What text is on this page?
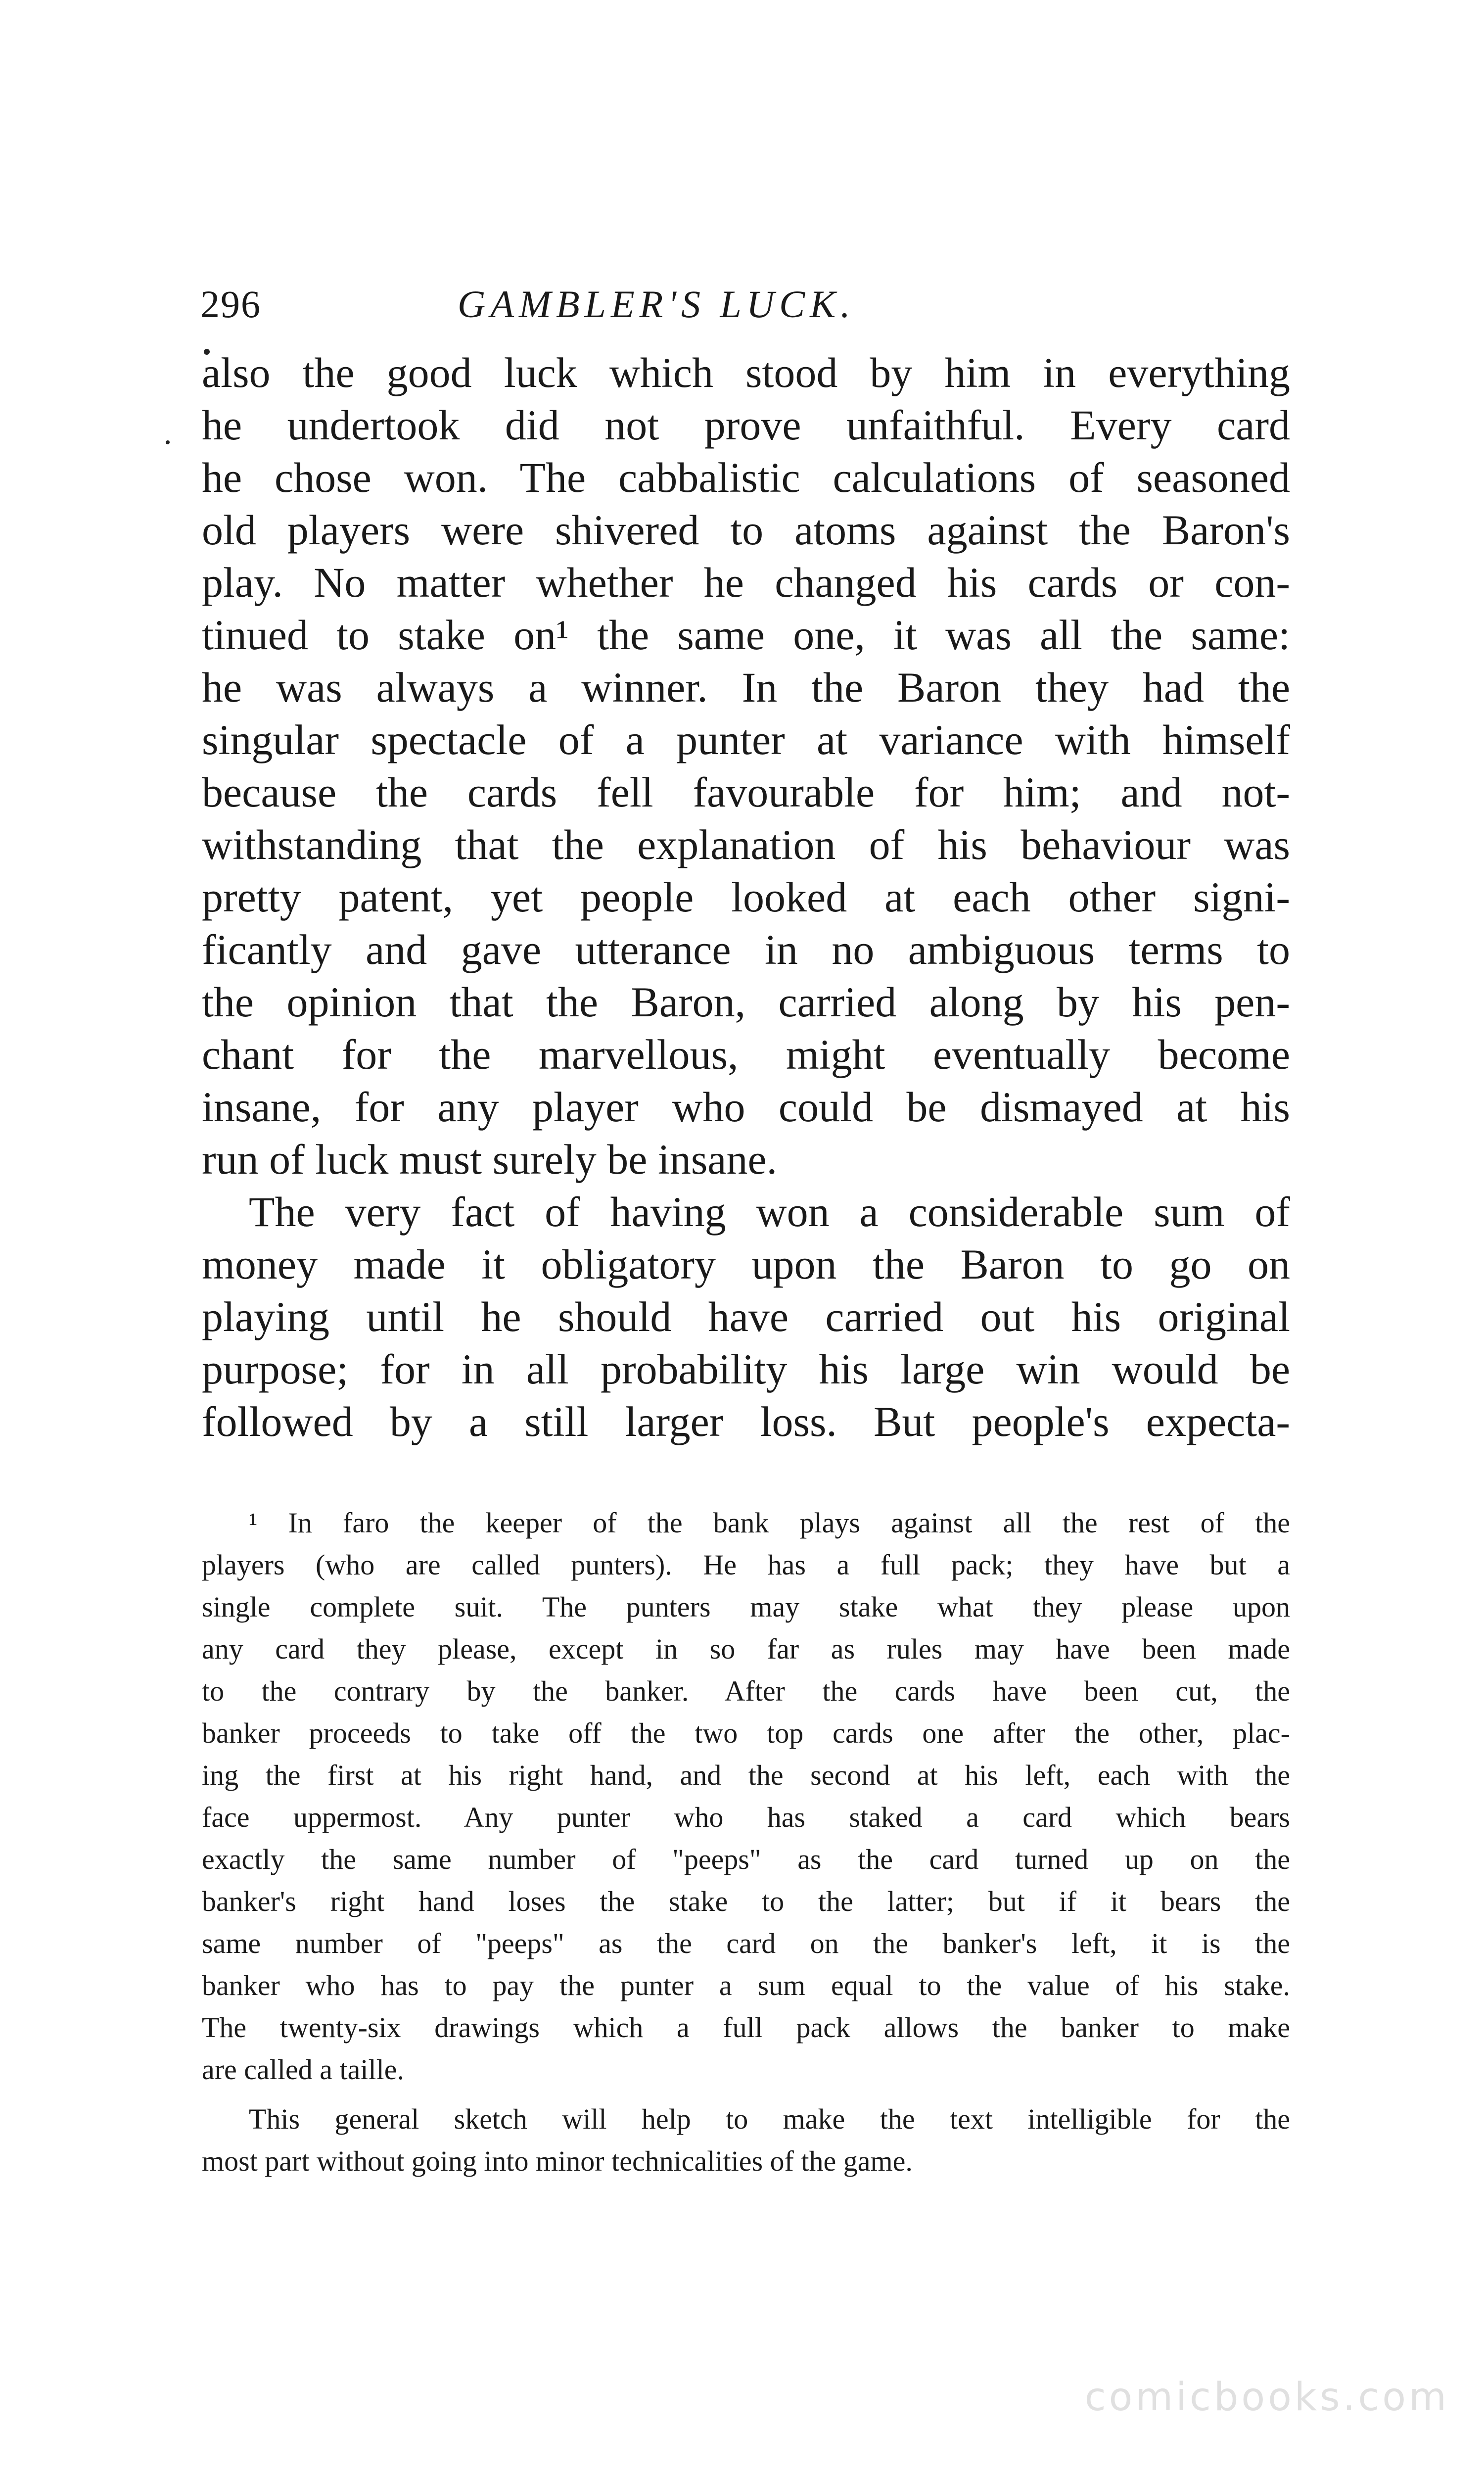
296	GAMBLER'S LUCK.
also the good luck which stood by him in everything
he undertook did not prove unfaithful. Every card
he chose won. The cabbalistic calculations of seasoned
old players were shivered to atoms against the Baron's
play. No matter whether he changed his cards or con-
tinued to stake on¹ the same one, it was all the same:
he was always a winner. In the Baron they had the
singular spectacle of a punter at variance with himself
because the cards fell favourable for him; and not-
withstanding that the explanation of his behaviour was
pretty patent, yet people looked at each other signi-
ficantly and gave utterance in no ambiguous terms to
the opinion that the Baron, carried along by his pen-
chant for the marvellous, might eventually become
insane, for any player who could be dismayed at his
run of luck must surely be insane.
The very fact of having won a considerable sum of
money made it obligatory upon the Baron to go on
playing until he should have carried out his original
purpose; for in all probability his large win would be
followed by a still larger loss. But people's expecta-
¹ In faro the keeper of the bank plays against all the rest of the
players (who are called punters). He has a full pack; they have but a
single complete suit. The punters may stake what they please upon
any card they please, except in so far as rules may have been made
to the contrary by the banker. After the cards have been cut, the
banker proceeds to take off the two top cards one after the other, plac-
ing the first at his right hand, and the second at his left, each with the
face uppermost. Any punter who has staked a card which bears
exactly the same number of "peeps" as the card turned up on the
banker's right hand loses the stake to the latter; but if it bears the
same number of "peeps" as the card on the banker's left, it is the
banker who has to pay the punter a sum equal to the value of his stake.
The twenty-six drawings which a full pack allows the banker to make
are called a taille.
This general sketch will help to make the text intelligible for the
most part without going into minor technicalities of the game.
comicbooks.com
